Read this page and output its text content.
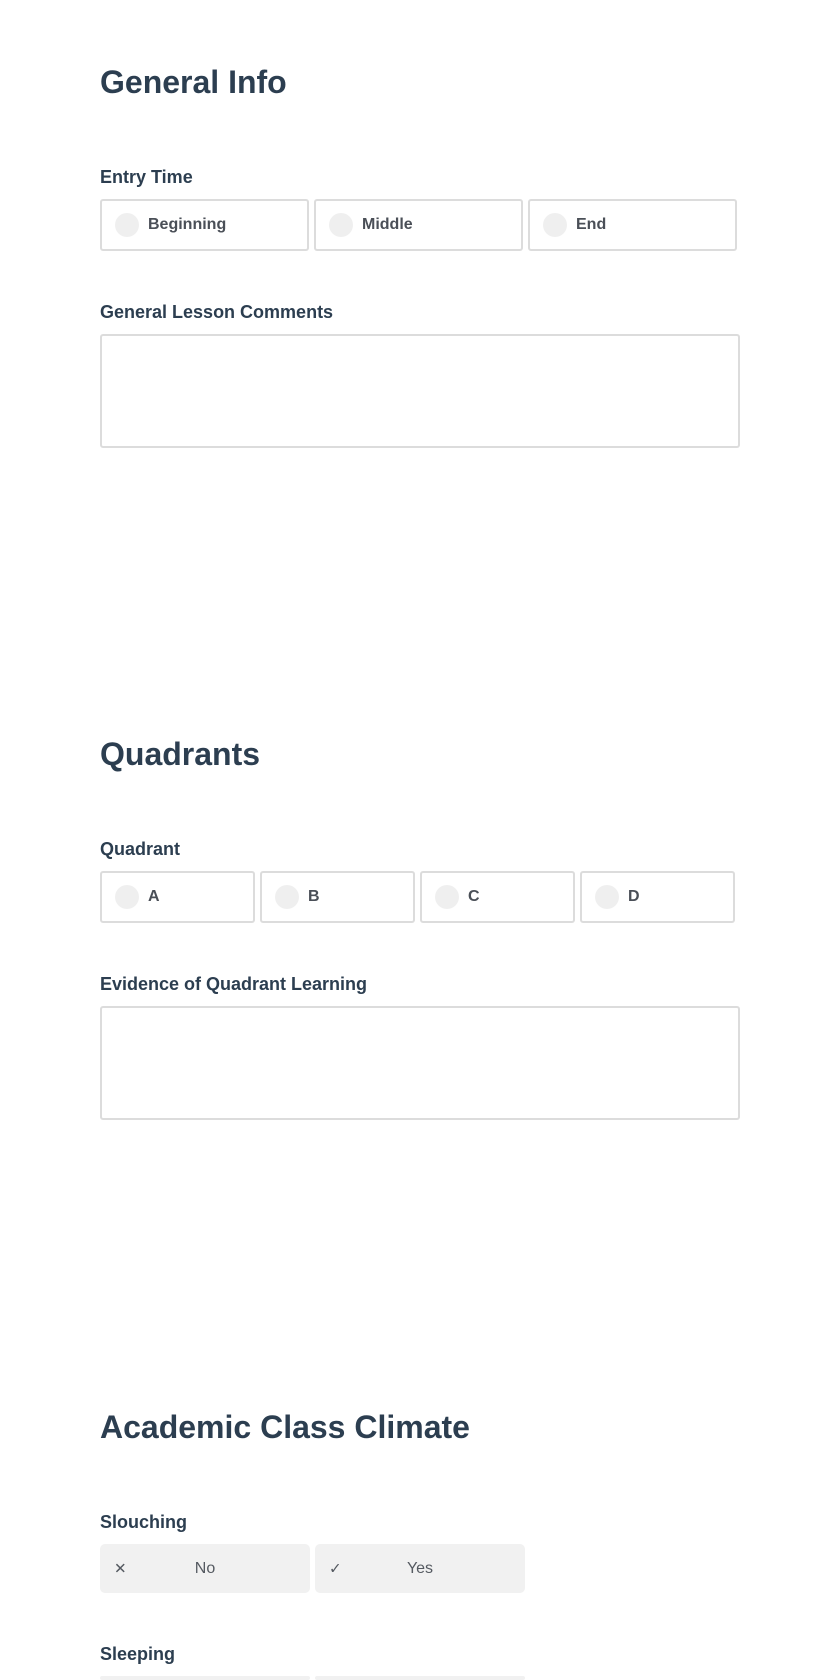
General Info
Entry Time
Beginning	Middle	End
General Lesson Comments
Quadrants
Quadrant
A	B	C	D
Evidence of Quadrant Learning
Academic Class Climate
Slouching
✕	No	✓	Yes
Sleeping
